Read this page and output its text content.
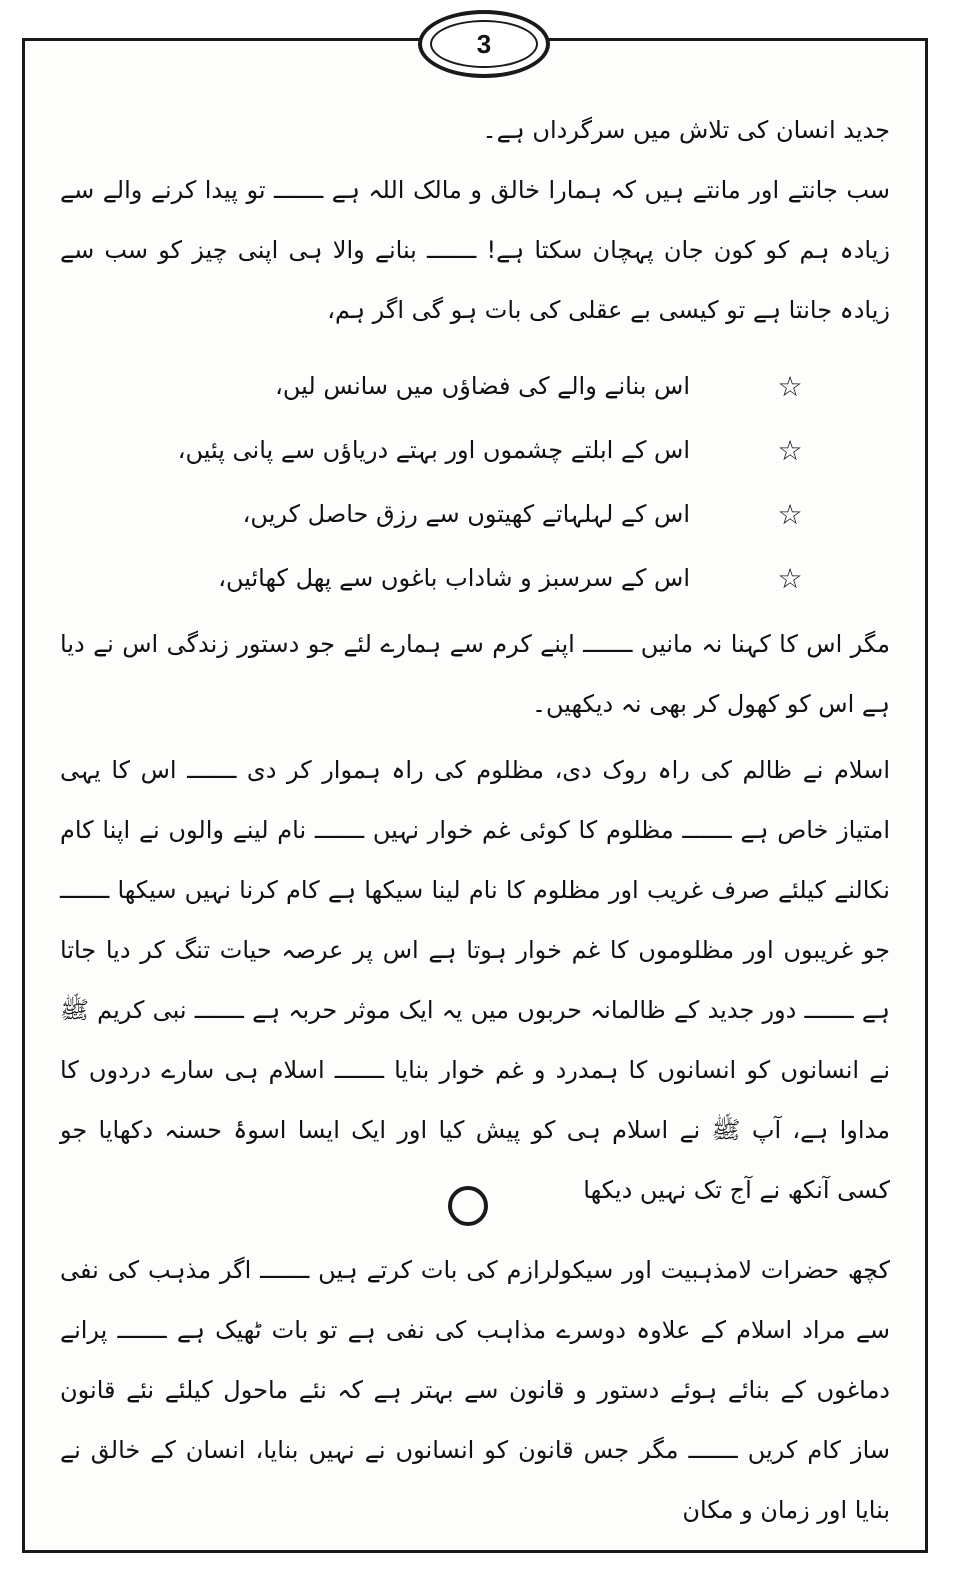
3
جدید انسان کی تلاش میں سرگرداں ہے۔
سب جانتے اور مانتے ہیں کہ ہمارا خالق و مالک اللہ ہے ـــــــ تو پیدا کرنے والے سے زیادہ ہم کو کون جان پہچان سکتا ہے! ـــــــ بنانے والا ہی اپنی چیز کو سب سے زیادہ جانتا ہے تو کیسی بے عقلی کی بات ہو گی اگر ہم،
☆
اس بنانے والے کی فضاؤں میں سانس لیں،
☆
اس کے ابلتے چشموں اور بہتے دریاؤں سے پانی پئیں،
☆
اس کے لہلہاتے کھیتوں سے رزق حاصل کریں،
☆
اس کے سرسبز و شاداب باغوں سے پھل کھائیں،
مگر اس کا کہنا نہ مانیں ـــــــ اپنے کرم سے ہمارے لئے جو دستور زندگی اس نے دیا ہے اس کو کھول کر بھی نہ دیکھیں۔
اسلام نے ظالم کی راہ روک دی، مظلوم کی راہ ہموار کر دی ـــــــ اس کا یہی امتیاز خاص ہے ـــــــ مظلوم کا کوئی غم خوار نہیں ـــــــ نام لینے والوں نے اپنا کام نکالنے کیلئے صرف غریب اور مظلوم کا نام لینا سیکھا ہے کام کرنا نہیں سیکھا ـــــــ جو غریبوں اور مظلوموں کا غم خوار ہوتا ہے اس پر عرصہ حیات تنگ کر دیا جاتا ہے ـــــــ دور جدید کے ظالمانہ حربوں میں یہ ایک موثر حربہ ہے ـــــــ نبی کریم ﷺ نے انسانوں کو انسانوں کا ہمدرد و غم خوار بنایا ـــــــ اسلام ہی سارے دردوں کا مداوا ہے، آپ ﷺ نے اسلام ہی کو پیش کیا اور ایک ایسا اسوۂ حسنہ دکھایا جو کسی آنکھ نے آج تک نہیں دیکھا
کچھ حضرات لامذہبیت اور سیکولرازم کی بات کرتے ہیں ـــــــ اگر مذہب کی نفی سے مراد اسلام کے علاوہ دوسرے مذاہب کی نفی ہے تو بات ٹھیک ہے ـــــــ پرانے دماغوں کے بنائے ہوئے دستور و قانون سے بہتر ہے کہ نئے ماحول کیلئے نئے قانون ساز کام کریں ـــــــ مگر جس قانون کو انسانوں نے نہیں بنایا، انسان کے خالق نے بنایا اور زمان و مکان
